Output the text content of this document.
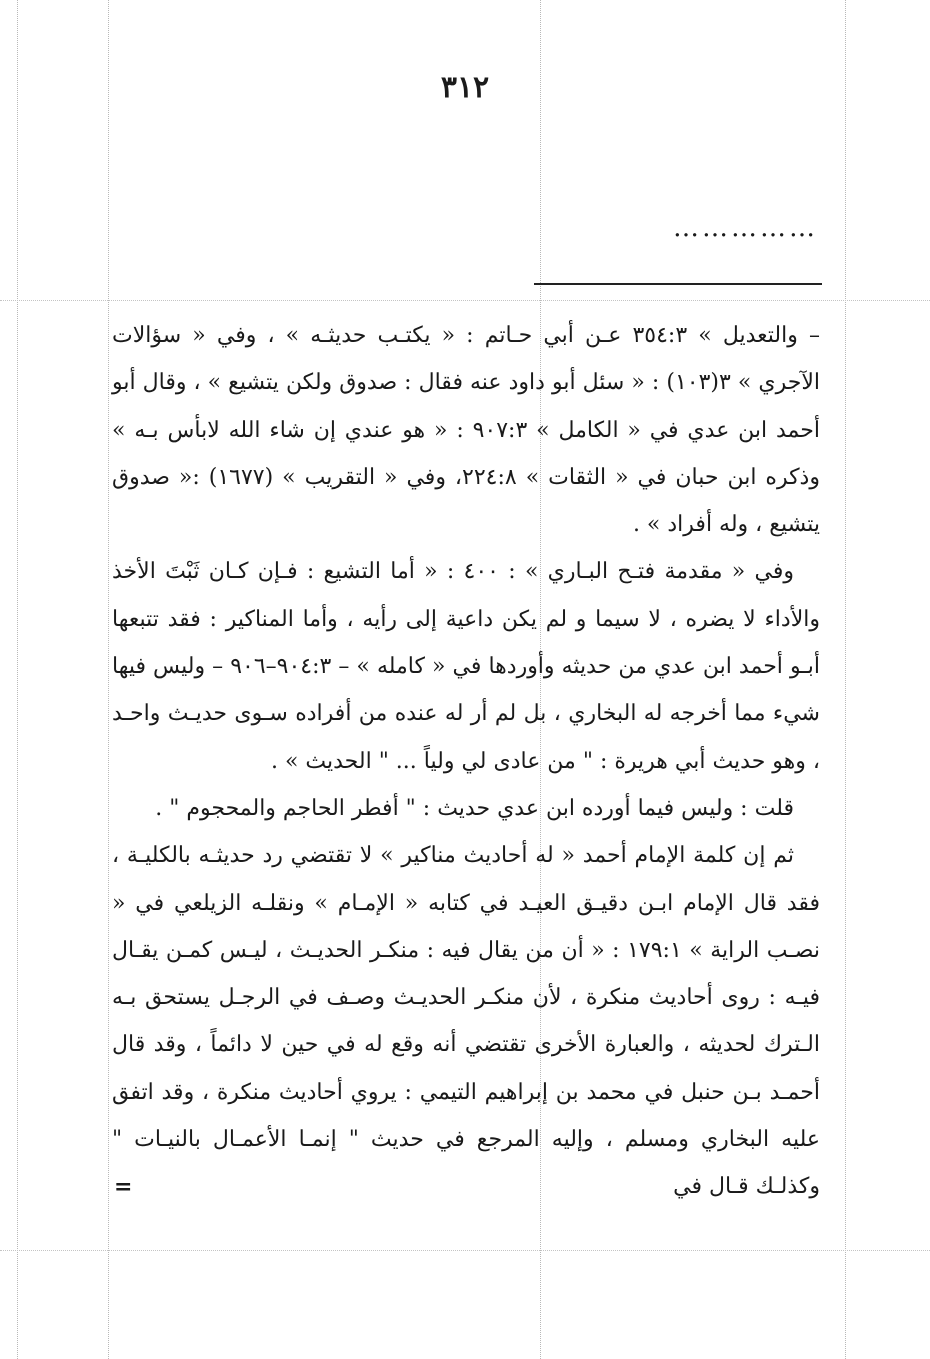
٣١٢
……………

– والتعديل » ٣٥٤:٣ عـن أبي حـاتم : « يكتـب حديثـه » ، وفي « سؤالات الآجري » ٣(١٠٣) : « سئل أبو داود عنه فقال : صدوق ولكن يتشيع » ، وقال أبو أحمد ابن عدي في « الكامل » ٩٠٧:٣ : « هو عندي إن شاء الله لابأس بـه » وذكره ابن حبان في « الثقات » ٢٢٤:٨، وفي « التقريب » (١٦٧٧) :« صدوق يتشيع ، وله أفراد » .

وفي « مقدمة فتـح البـاري » : ٤٠٠ : « أما التشيع : فـإن كـان ثَبْتَ الأخذ والأداء لا يضره ، لا سيما و لم يكن داعية إلى رأيه ، وأما المناكير : فقد تتبعها أبـو أحمد ابن عدي من حديثه وأوردها في « كامله » – ٩٠٤:٣–٩٠٦ – وليس فيها شيء مما أخرجه له البخاري ، بل لم أر له عنده من أفراده سـوى حديـث واحـد ، وهو حديث أبي هريرة : " من عادى لي ولياً ... " الحديث » .

قلت : وليس فيما أورده ابن عدي حديث : " أفطر الحاجم والمحجوم " .

ثم إن كلمة الإمام أحمد « له أحاديث مناكير » لا تقتضي رد حديثـه بالكليـة ، فقد قال الإمام ابـن دقيـق العيـد في كتابه « الإمـام » ونقلـه الزيلعي في « نصـب الراية » ١٧٩:١ : « أن من يقال فيه : منكـر الحديـث ، ليـس كمـن يقـال فيـه : روى أحاديث منكرة ، لأن منكـر الحديـث وصـف في الرجـل يستحق بـه الـترك لحديثه ، والعبارة الأخرى تقتضي أنه وقع له في حين لا دائماً ، وقد قال أحمـد بـن حنبل في محمد بن إبراهيم التيمي : يروي أحاديث منكرة ، وقد اتفق عليه البخاري ومسلم ، وإليه المرجع في حديث " إنمـا الأعمـال بالنيـات " وكذلـك قـال في

=
